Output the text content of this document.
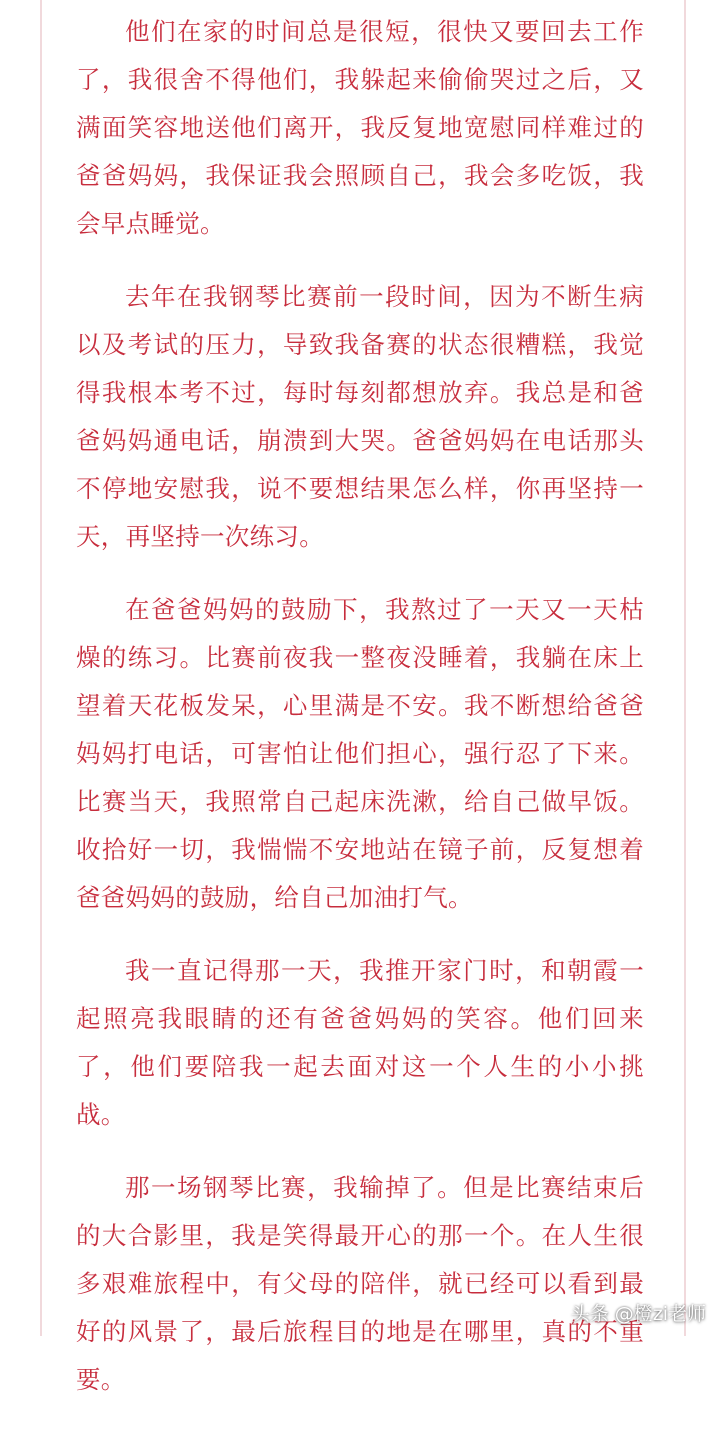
他们在家的时间总是很短，很快又要回去工作了，我很舍不得他们，我躲起来偷偷哭过之后，又满面笑容地送他们离开，我反复地宽慰同样难过的爸爸妈妈，我保证我会照顾自己，我会多吃饭，我会早点睡觉。

去年在我钢琴比赛前一段时间，因为不断生病以及考试的压力，导致我备赛的状态很糟糕，我觉得我根本考不过，每时每刻都想放弃。我总是和爸爸妈妈通电话，崩溃到大哭。爸爸妈妈在电话那头不停地安慰我，说不要想结果怎么样，你再坚持一天，再坚持一次练习。

在爸爸妈妈的鼓励下，我熬过了一天又一天枯燥的练习。比赛前夜我一整夜没睡着，我躺在床上望着天花板发呆，心里满是不安。我不断想给爸爸妈妈打电话，可害怕让他们担心，强行忍了下来。比赛当天，我照常自己起床洗漱，给自己做早饭。收拾好一切，我惴惴不安地站在镜子前，反复想着爸爸妈妈的鼓励，给自己加油打气。

我一直记得那一天，我推开家门时，和朝霞一起照亮我眼睛的还有爸爸妈妈的笑容。他们回来了，他们要陪我一起去面对这一个人生的小小挑战。

那一场钢琴比赛，我输掉了。但是比赛结束后的大合影里，我是笑得最开心的那一个。在人生很多艰难旅程中，有父母的陪伴，就已经可以看到最好的风景了，最后旅程目的地是在哪里，真的不重要。

头条 @橙zi老师
